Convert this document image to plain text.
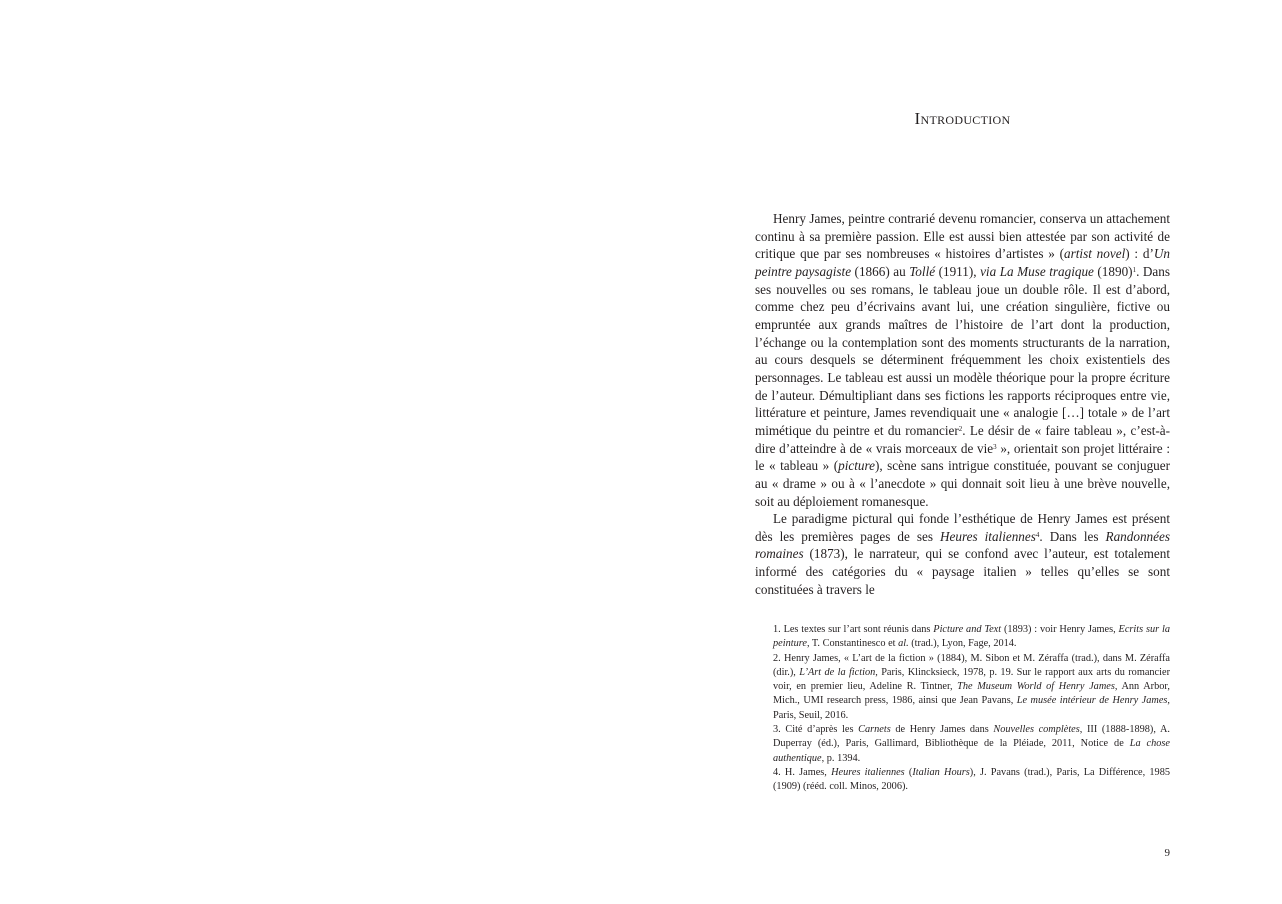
Introduction

Henry James, peintre contrarié devenu romancier, conserva un attachement continu à sa première passion. Elle est aussi bien attestée par son activité de critique que par ses nombreuses « histoires d’artistes » (artist novel) : d’Un peintre paysagiste (1866) au Tollé (1911), via La Muse tragique $(1890)^1$. Dans ses nouvelles ou ses romans, le tableau joue un double rôle. Il est d’abord, comme chez peu d’écrivains avant lui, une création singulière, fictive ou empruntée aux grands maîtres de l’histoire de l’art dont la production, l’échange ou la contemplation sont des moments structurants de la narration, au cours desquels se déterminent fréquemment les choix existentiels des personnages. Le tableau est aussi un modèle théorique pour la propre écriture de l’auteur. Démultipliant dans ses fictions les rapports réciproques entre vie, littérature et peinture, James revendiquait une « analogie […] totale » de l’art mimétique du peintre et du romancier$^2$. Le désir de « faire tableau », c’est-à-dire d’atteindre à de « vrais morceaux de vie$^3$ », orientait son projet littéraire : le « tableau » (picture), scène sans intrigue constituée, pouvant se conjuguer au « drame » ou à « l’anecdote » qui donnait soit lieu à une brève nouvelle, soit au déploiement romanesque.

Le paradigme pictural qui fonde l’esthétique de Henry James est présent dès les premières pages de ses Heures italiennes$^4$. Dans les Randonnées romaines (1873), le narrateur, qui se confond avec l’auteur, est totalement informé des catégories du « paysage italien » telles qu’elles se sont constituées à travers le

1. Les textes sur l’art sont réunis dans Picture and Text (1893) : voir Henry James, Ecrits sur la peinture, T. Constantinesco et al. (trad.), Lyon, Fage, 2014.

2. Henry James, « L’art de la fiction » (1884), M. Sibon et M. Zéraffa (trad.), dans M. Zéraffa (dir.), L’Art de la fiction, Paris, Klincksieck, 1978, p. 19. Sur le rapport aux arts du romancier voir, en premier lieu, Adeline R. Tintner, The Museum World of Henry James, Ann Arbor, Mich., UMI research press, 1986, ainsi que Jean Pavans, Le musée intérieur de Henry James, Paris, Seuil, 2016.

3. Cité d’après les Carnets de Henry James dans Nouvelles complètes, III (1888-1898), A. Duperray (éd.), Paris, Gallimard, Bibliothèque de la Pléiade, 2011, Notice de La chose authentique, p. 1394.

4. H. James, Heures italiennes (Italian Hours), J. Pavans (trad.), Paris, La Différence, 1985 (1909) (rééd. coll. Minos, 2006).

9
